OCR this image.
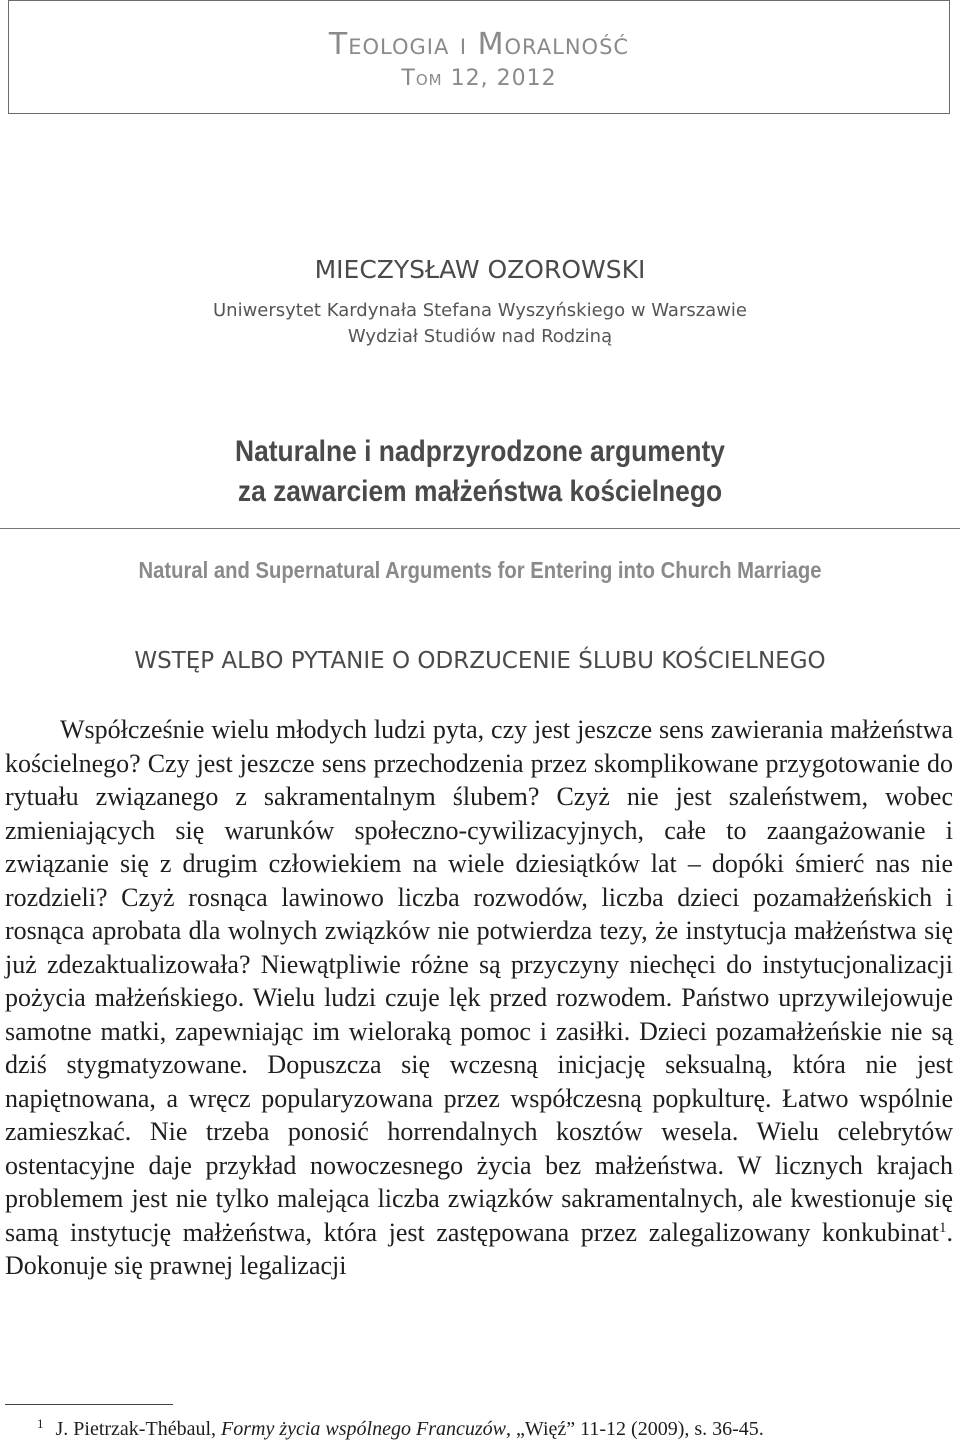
Teologia i Moralność
Tom 12, 2012
MIECZYSŁAW OZOROWSKI
Uniwersytet Kardynała Stefana Wyszyńskiego w Warszawie
Wydział Studiów nad Rodziną
Naturalne i nadprzyrodzone argumenty
za zawarciem małżeństwa kościelnego
Natural and Supernatural Arguments for Entering into Church Marriage
WSTĘP ALBO PYTANIE O ODRZUCENIE ŚLUBU KOŚCIELNEGO

Współcześnie wielu młodych ludzi pyta, czy jest jeszcze sens zawierania małżeństwa kościelnego? Czy jest jeszcze sens przechodzenia przez skomplikowane przygotowanie do rytuału związanego z sakramentalnym ślubem? Czyż nie jest szaleństwem, wobec zmieniających się warunków społeczno-cywilizacyjnych, całe to zaangażowanie i związanie się z drugim człowiekiem na wiele dziesiątków lat – dopóki śmierć nas nie rozdzieli? Czyż rosnąca lawinowo liczba rozwodów, liczba dzieci pozamałżeńskich i rosnąca aprobata dla wolnych związków nie potwierdza tezy, że instytucja małżeństwa się już zdezaktualizowała? Niewątpliwie różne są przyczyny niechęci do instytucjonalizacji pożycia małżeńskiego. Wielu ludzi czuje lęk przed rozwodem. Państwo uprzywilejowuje samotne matki, zapewniając im wieloraką pomoc i zasiłki. Dzieci pozamałżeńskie nie są dziś stygmatyzowane. Dopuszcza się wczesną inicjację seksualną, która nie jest napiętnowana, a wręcz popularyzowana przez współczesną popkulturę. Łatwo wspólnie zamieszkać. Nie trzeba ponosić horrendalnych kosztów wesela. Wielu celebrytów ostentacyjne daje przykład nowoczesnego życia bez małżeństwa. W licznych krajach problemem jest nie tylko malejąca liczba związków sakramentalnych, ale kwestionuje się samą instytucję małżeństwa, która jest zastępowana przez zalegalizowany konkubinat$^1$. Dokonuje się prawnej legalizacji

$^1$ J. Pietrzak-Thébaul, Formy życia wspólnego Francuzów, „Więź” 11-12 (2009), s. 36-45.
